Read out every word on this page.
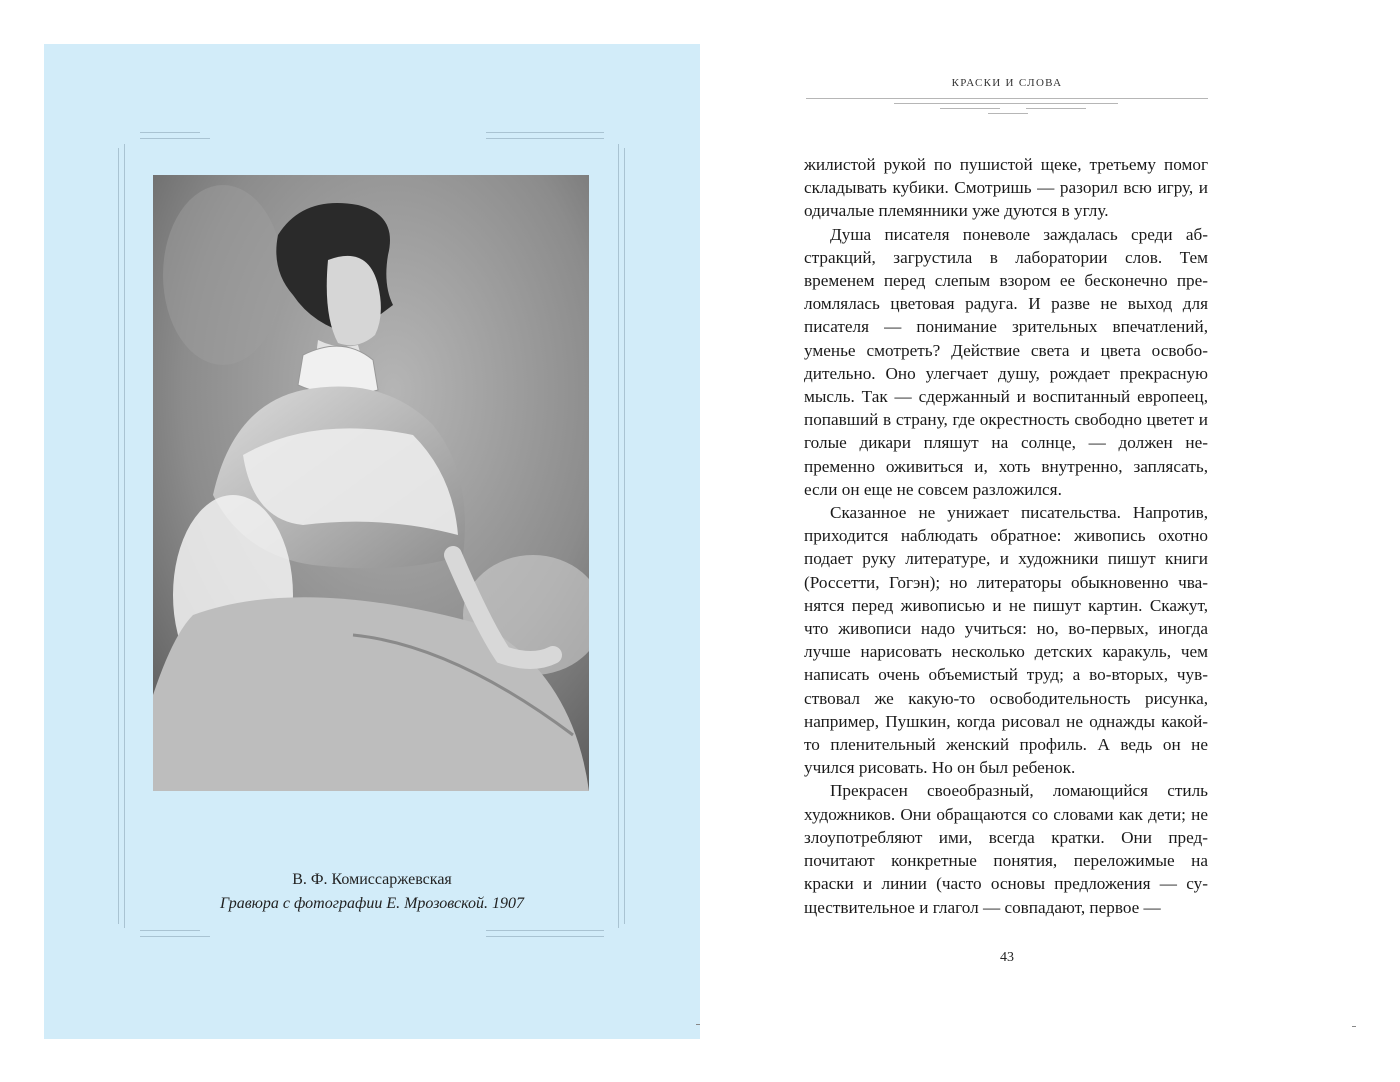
В. Ф. Комиссаржевская
Гравюра с фотографии Е. Мрозовской. 1907
КРАСКИ И СЛОВА

жилистой рукой по пушистой щеке, третьему помог складывать кубики. Смотришь — разорил всю игру, и одичалые племянники уже дуются в углу.

Душа писателя поневоле заждалась среди абстракций, загрустила в лаборатории слов. Тем временем перед слепым взором ее бесконечно преломлялась цветовая радуга. И разве не выход для писателя — понимание зрительных впечатлений, уменье смотреть? Действие света и цвета освободительно. Оно улегчает душу, рождает прекрасную мысль. Так — сдержанный и воспитанный европеец, попавший в страну, где окрестность свободно цветет и голые дикари пляшут на солнце, — должен непременно оживиться и, хоть внутренно, заплясать, если он еще не совсем разложился.

Сказанное не унижает писательства. Напротив, приходится наблюдать обратное: живопись охотно подает руку литературе, и художники пишут книги (Россетти, Гогэн); но литераторы обыкновенно чванятся перед живописью и не пишут картин. Скажут, что живописи надо учиться: но, во-первых, иногда лучше нарисовать несколько детских каракуль, чем написать очень объемистый труд; а во-вторых, чувствовал же какую-то освободительность рисунка, например, Пушкин, когда рисовал не однажды какой-то пленительный женский профиль. А ведь он не учился рисовать. Но он был ребенок.

Прекрасен своеобразный, ломающийся стиль художников. Они обращаются со словами как дети; не злоупотребляют ими, всегда кратки. Они предпочитают конкретные понятия, переложимые на краски и линии (часто основы предложения — существительное и глагол — совпадают, первое —

43
